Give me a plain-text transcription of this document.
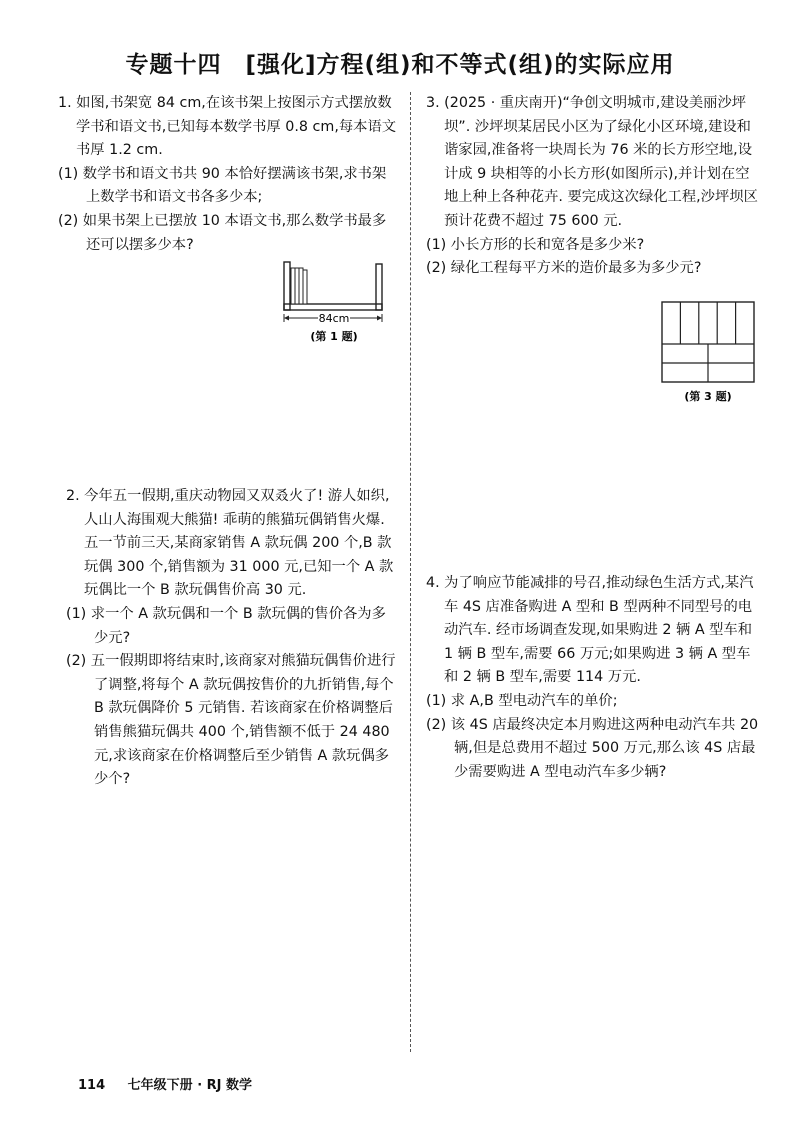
专题十四　[强化]方程(组)和不等式(组)的实际应用

1. 如图,书架宽 84 cm,在该书架上按图示方式摆放数学书和语文书,已知每本数学书厚 0.8 cm,每本语文书厚 1.2 cm.

(1) 数学书和语文书共 90 本恰好摆满该书架,求书架上数学书和语文书各多少本;

(2) 如果书架上已摆放 10 本语文书,那么数学书最多还可以摆多少本?

84cm
(第 1 题)

2. 今年五一假期,重庆动物园又双叒火了! 游人如织,人山人海围观大熊猫! 乖萌的熊猫玩偶销售火爆. 五一节前三天,某商家销售 A 款玩偶 200 个,B 款玩偶 300 个,销售额为 31 000 元,已知一个 A 款玩偶比一个 B 款玩偶售价高 30 元.

(1) 求一个 A 款玩偶和一个 B 款玩偶的售价各为多少元?

(2) 五一假期即将结束时,该商家对熊猫玩偶售价进行了调整,将每个 A 款玩偶按售价的九折销售,每个 B 款玩偶降价 5 元销售. 若该商家在价格调整后销售熊猫玩偶共 400 个,销售额不低于 24 480 元,求该商家在价格调整后至少销售 A 款玩偶多少个?

3. (2025 · 重庆南开)“争创文明城市,建设美丽沙坪坝”. 沙坪坝某居民小区为了绿化小区环境,建设和谐家园,准备将一块周长为 76 米的长方形空地,设计成 9 块相等的小长方形(如图所示),并计划在空地上种上各种花卉. 要完成这次绿化工程,沙坪坝区预计花费不超过 75 600 元.

(1) 小长方形的长和宽各是多少米?

(2) 绿化工程每平方米的造价最多为多少元?

(第 3 题)

4. 为了响应节能减排的号召,推动绿色生活方式,某汽车 4S 店准备购进 A 型和 B 型两种不同型号的电动汽车. 经市场调查发现,如果购进 2 辆 A 型车和 1 辆 B 型车,需要 66 万元;如果购进 3 辆 A 型车和 2 辆 B 型车,需要 114 万元.

(1) 求 A,B 型电动汽车的单价;

(2) 该 4S 店最终决定本月购进这两种电动汽车共 20 辆,但是总费用不超过 500 万元,那么该 4S 店最少需要购进 A 型电动汽车多少辆?

114 七年级下册 · RJ 数学
